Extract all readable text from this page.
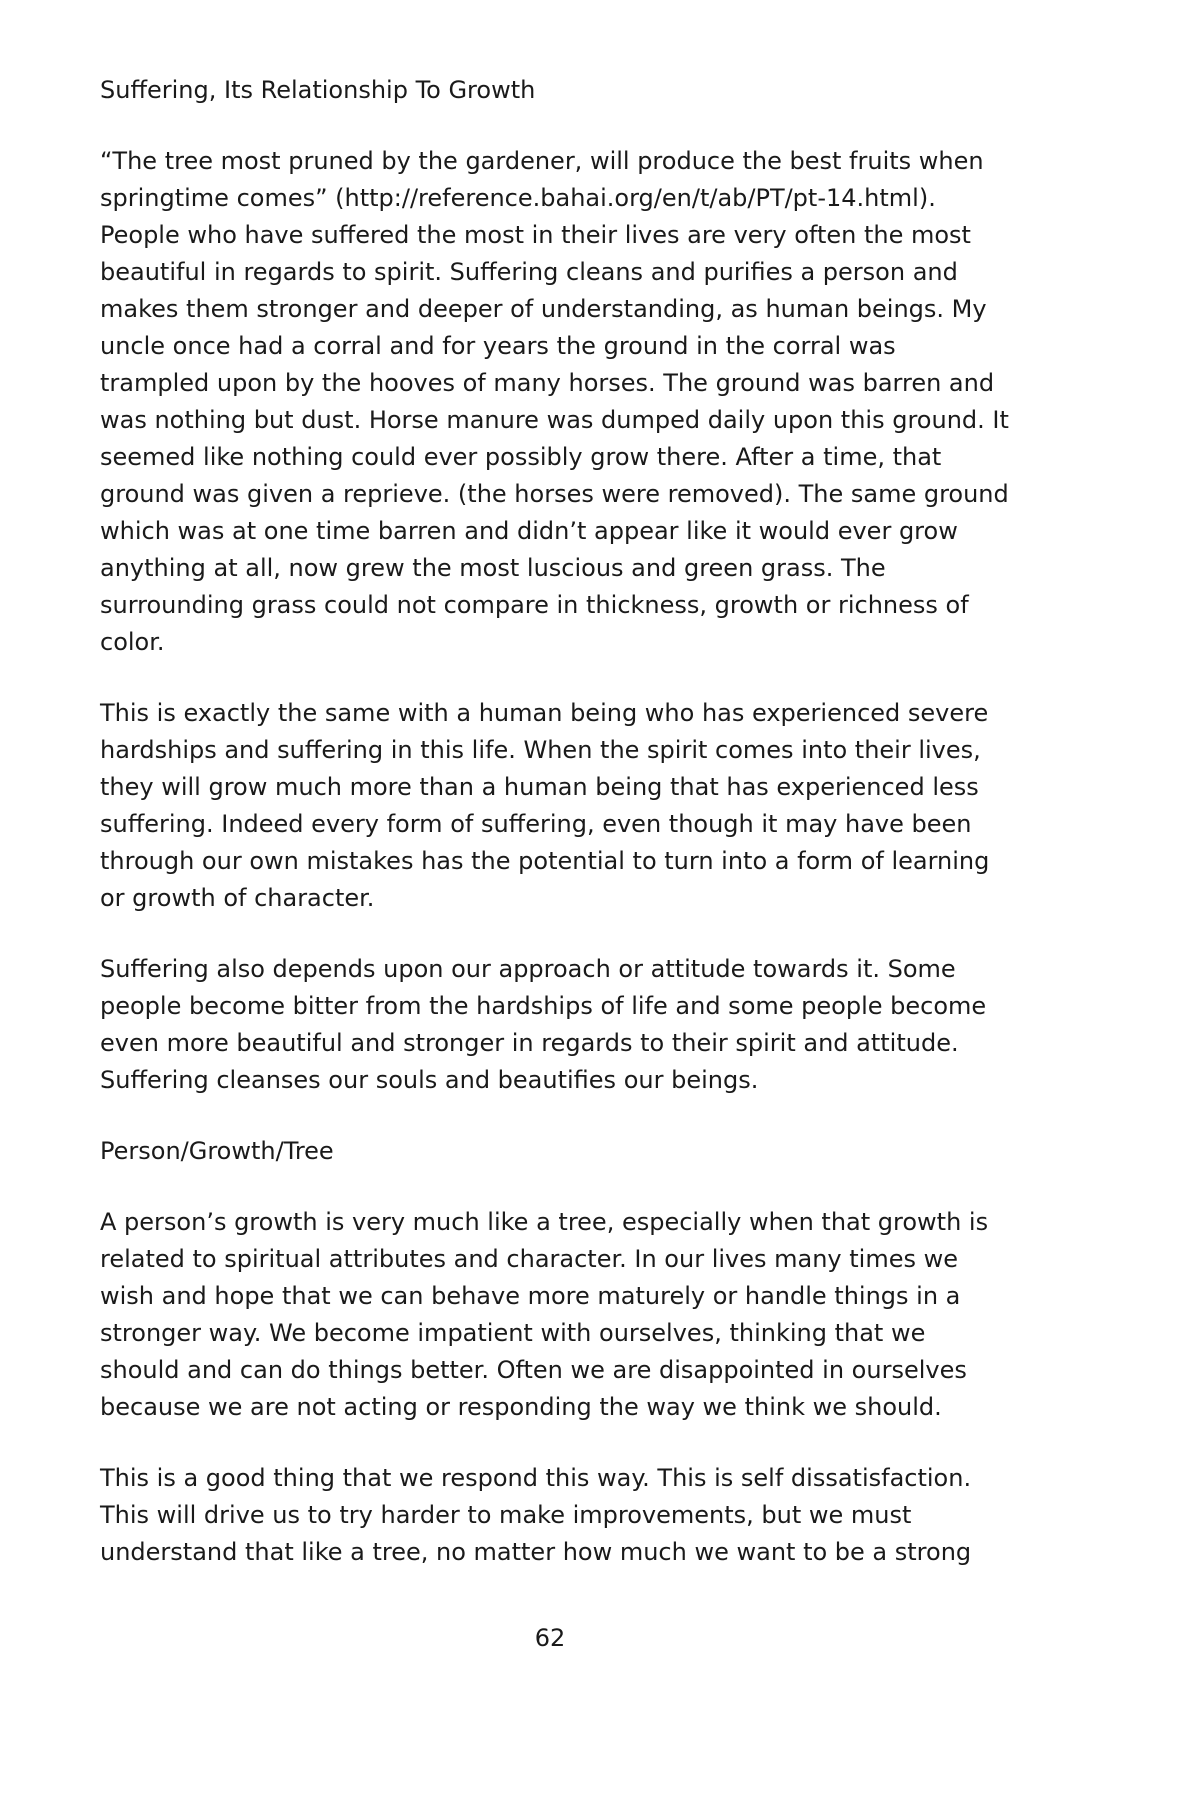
Suffering, Its Relationship To Growth

“The tree most pruned by the gardener, will produce the best fruits when springtime comes” (http://reference.bahai.org/en/t/ab/PT/pt-14.html). People who have suffered the most in their lives are very often the most beautiful in regards to spirit. Suffering cleans and purifies a person and makes them stronger and deeper of understanding, as human beings. My uncle once had a corral and for years the ground in the corral was trampled upon by the hooves of many horses. The ground was barren and was nothing but dust. Horse manure was dumped daily upon this ground. It seemed like nothing could ever possibly grow there. After a time, that ground was given a reprieve. (the horses were removed). The same ground which was at one time barren and didn’t appear like it would ever grow anything at all, now grew the most luscious and green grass. The surrounding grass could not compare in thickness, growth or richness of color.

This is exactly the same with a human being who has experienced severe hardships and suffering in this life. When the spirit comes into their lives, they will grow much more than a human being that has experienced less suffering. Indeed every form of suffering, even though it may have been through our own mistakes has the potential to turn into a form of learning or growth of character.

Suffering also depends upon our approach or attitude towards it. Some people become bitter from the hardships of life and some people become even more beautiful and stronger in regards to their spirit and attitude. Suffering cleanses our souls and beautifies our beings.

Person/Growth/Tree

A person’s growth is very much like a tree, especially when that growth is related to spiritual attributes and character. In our lives many times we wish and hope that we can behave more maturely or handle things in a stronger way. We become impatient with ourselves, thinking that we should and can do things better. Often we are disappointed in ourselves because we are not acting or responding the way we think we should.

This is a good thing that we respond this way. This is self dissatisfaction. This will drive us to try harder to make improvements, but we must understand that like a tree, no matter how much we want to be a strong

62
